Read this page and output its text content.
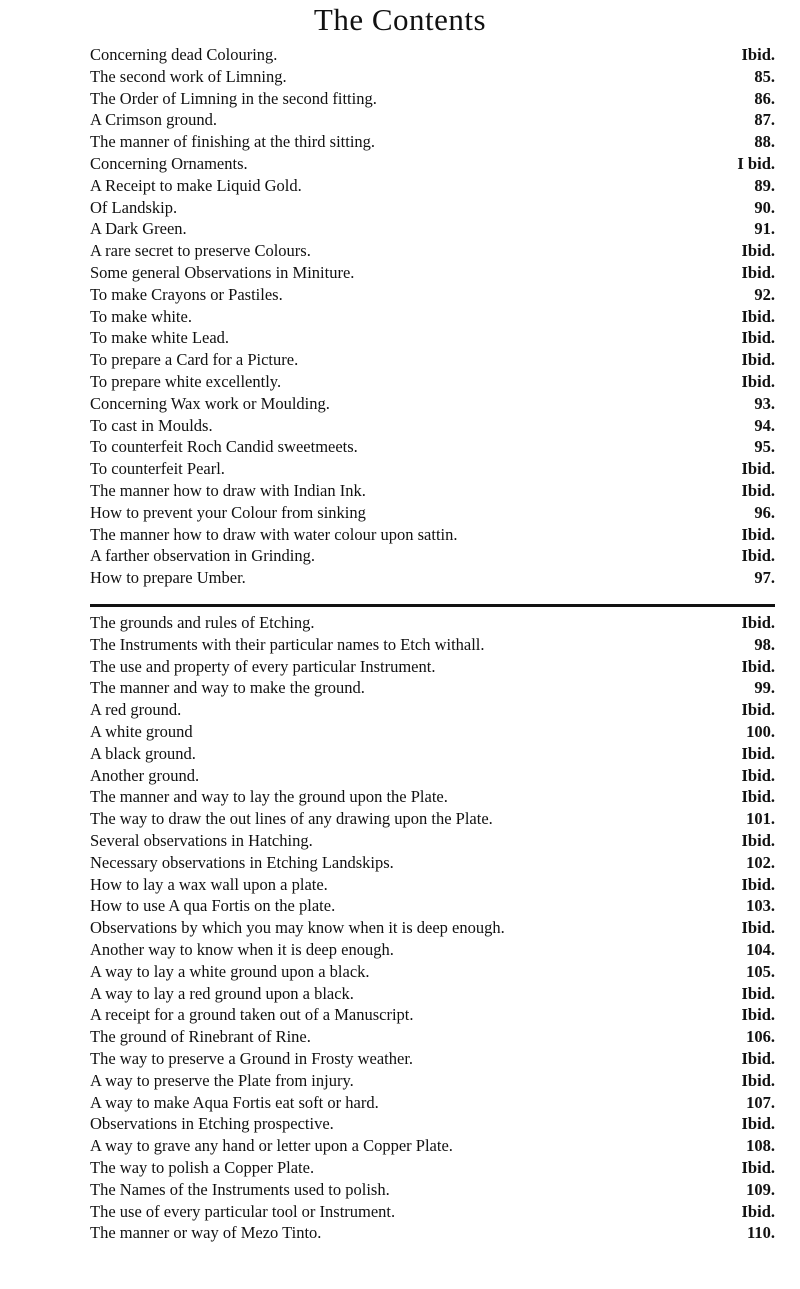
The Contents
Concerning dead Colouring.	Ibid.
The second work of Limning.	85.
The Order of Limning in the second fitting.	86.
A Crimson ground.	87.
The manner of finishing at the third sitting.	88.
Concerning Ornaments.	I bid.
A Receipt to make Liquid Gold.	89.
Of Landskip.	90.
A Dark Green.	91.
A rare secret to preserve Colours.	Ibid.
Some general Observations in Miniture.	Ibid.
To make Crayons or Pastiles.	92.
To make white.	Ibid.
To make white Lead.	Ibid.
To prepare a Card for a Picture.	Ibid.
To prepare white excellently.	Ibid.
Concerning Wax work or Moulding.	93.
To cast in Moulds.	94.
To counterfeit Roch Candid sweetmeets.	95.
To counterfeit Pearl.	Ibid.
The manner how to draw with Indian Ink.	Ibid.
How to prevent your Colour from sinking	96.
The manner how to draw with water colour upon sattin.	Ibid.
A farther observation in Grinding.	Ibid.
How to prepare Umber.	97.
The grounds and rules of Etching.	Ibid.
The Instruments with their particular names to Etch withall.	98.
The use and property of every particular Instrument.	Ibid.
The manner and way to make the ground.	99.
A red ground.	Ibid.
A white ground	100.
A black ground.	Ibid.
Another ground.	Ibid.
The manner and way to lay the ground upon the Plate.	Ibid.
The way to draw the out lines of any drawing upon the Plate.	101.
Several observations in Hatching.	Ibid.
Necessary observations in Etching Landskips.	102.
How to lay a wax wall upon a plate.	Ibid.
How to use A qua Fortis on the plate.	103.
Observations by which you may know when it is deep enough.	Ibid.
Another way to know when it is deep enough.	104.
A way to lay a white ground upon a black.	105.
A way to lay a red ground upon a black.	Ibid.
A receipt for a ground taken out of a Manuscript.	Ibid.
The ground of Rinebrant of Rine.	106.
The way to preserve a Ground in Frosty weather.	Ibid.
A way to preserve the Plate from injury.	Ibid.
A way to make Aqua Fortis eat soft or hard.	107.
Observations in Etching prospective.	Ibid.
A way to grave any hand or letter upon a Copper Plate.	108.
The way to polish a Copper Plate.	Ibid.
The Names of the Instruments used to polish.	109.
The use of every particular tool or Instrument.	Ibid.
The manner or way of Mezo Tinto.	110.
